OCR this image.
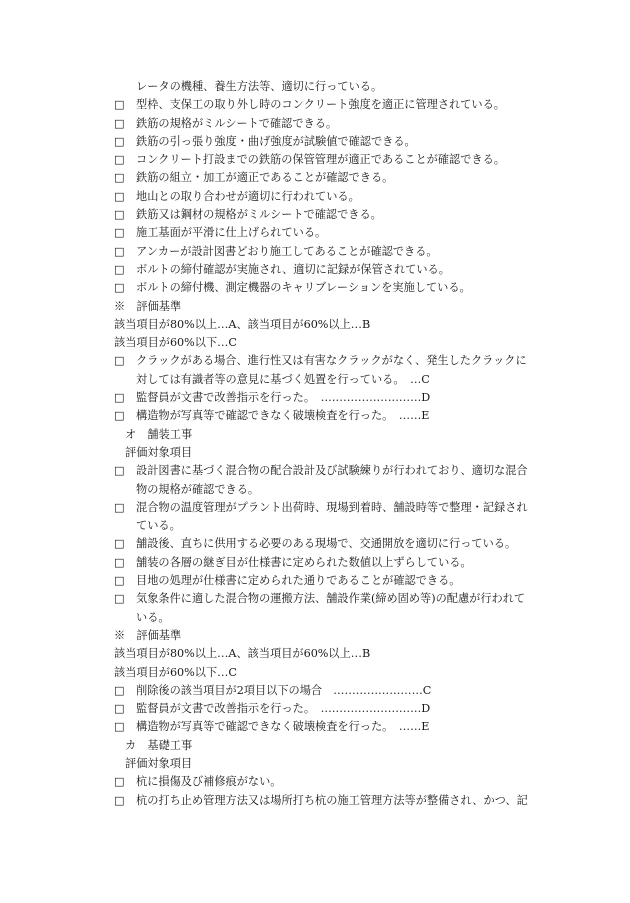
レータの機種、養生方法等、適切に行っている。
□	型枠、支保工の取り外し時のコンクリート強度を適正に管理されている。
□	鉄筋の規格がミルシートで確認できる。
□	鉄筋の引っ張り強度・曲げ強度が試験値で確認できる。
□	コンクリート打設までの鉄筋の保管管理が適正であることが確認できる。
□	鉄筋の組立・加工が適正であることが確認できる。
□	地山との取り合わせが適切に行われている。
□	鉄筋又は鋼材の規格がミルシートで確認できる。
□	施工基面が平滑に仕上げられている。
□	アンカーが設計図書どおり施工してあることが確認できる。
□	ボルトの締付確認が実施され、適切に記録が保管されている。
□	ボルトの締付機、測定機器のキャリブレーションを実施している。
※　評価基準
該当項目が80%以上…A、該当項目が60%以上…B
該当項目が60%以下…C
□	クラックがある場合、進行性又は有害なクラックがなく、発生したクラックに
対しては有識者等の意見に基づく処置を行っている。　…C
□	監督員が文書で改善指示を行った。　………………………D
□	構造物が写真等で確認できなく破壊検査を行った。　……E
オ　舗装工事
評価対象項目
□	設計図書に基づく混合物の配合設計及び試験練りが行われており、適切な混合
物の規格が確認できる。
□	混合物の温度管理がプラント出荷時、現場到着時、舗設時等で整理・記録され
ている。
□	舗設後、直ちに供用する必要のある現場で、交通開放を適切に行っている。
□	舗装の各層の継ぎ目が仕様書に定められた数値以上ずらしている。
□	目地の処理が仕様書に定められた通りであることが確認できる。
□	気象条件に適した混合物の運搬方法、舗設作業(締め固め等)の配慮が行われて
いる。
※　評価基準
該当項目が80%以上…A、該当項目が60%以上…B
該当項目が60%以下…C
□	削除後の該当項目が2項目以下の場合　……………………C
□	監督員が文書で改善指示を行った。　………………………D
□	構造物が写真等で確認できなく破壊検査を行った。　……E
カ　基礎工事
評価対象項目
□	杭に損傷及び補修痕がない。
□	杭の打ち止め管理方法又は場所打ち杭の施工管理方法等が整備され、かつ、記
